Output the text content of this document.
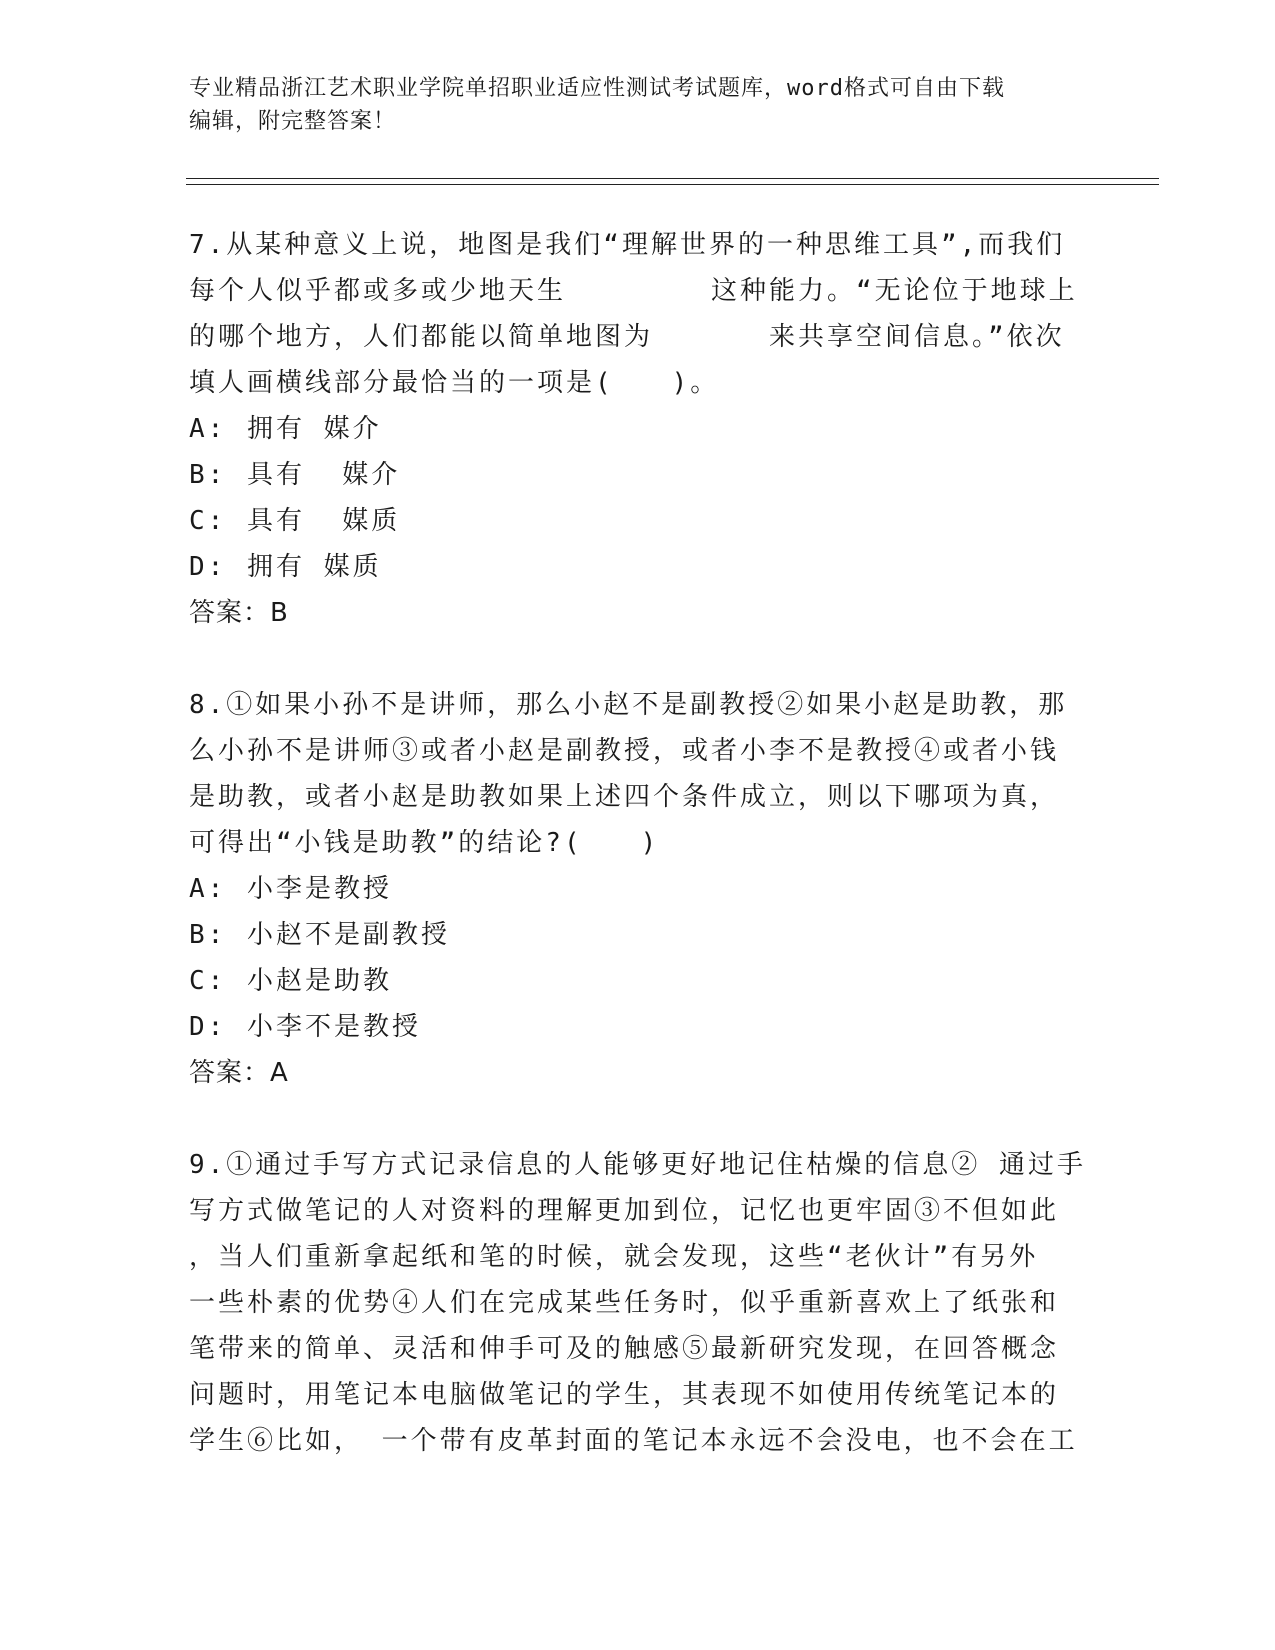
专业精品浙江艺术职业学院单招职业适应性测试考试题库，word格式可自由下载
编辑，附完整答案！
7.从某种意义上说，地图是我们“理解世界的一种思维工具”,而我们
每个人似乎都或多或少地天生　　　　　这种能力。“无论位于地球上
的哪个地方，人们都能以简单地图为　　　　来共享空间信息。”依次
填人画横线部分最恰当的一项是(　　)。
A: 拥有 媒介
B: 具有  媒介
C: 具有  媒质
D: 拥有 媒质
答案：B
8.①如果小孙不是讲师，那么小赵不是副教授②如果小赵是助教，那
么小孙不是讲师③或者小赵是副教授，或者小李不是教授④或者小钱
是助教，或者小赵是助教如果上述四个条件成立，则以下哪项为真，
可得出“小钱是助教”的结论?(　　)
A: 小李是教授
B: 小赵不是副教授
C: 小赵是助教
D: 小李不是教授
答案：A
9.①通过手写方式记录信息的人能够更好地记住枯燥的信息② 通过手
写方式做笔记的人对资料的理解更加到位，记忆也更牢固③不但如此
，当人们重新拿起纸和笔的时候，就会发现，这些“老伙计”有另外
一些朴素的优势④人们在完成某些任务时，似乎重新喜欢上了纸张和
笔带来的简单、灵活和伸手可及的触感⑤最新研究发现，在回答概念
问题时，用笔记本电脑做笔记的学生，其表现不如使用传统笔记本的
学生⑥比如， 一个带有皮革封面的笔记本永远不会没电，也不会在工
